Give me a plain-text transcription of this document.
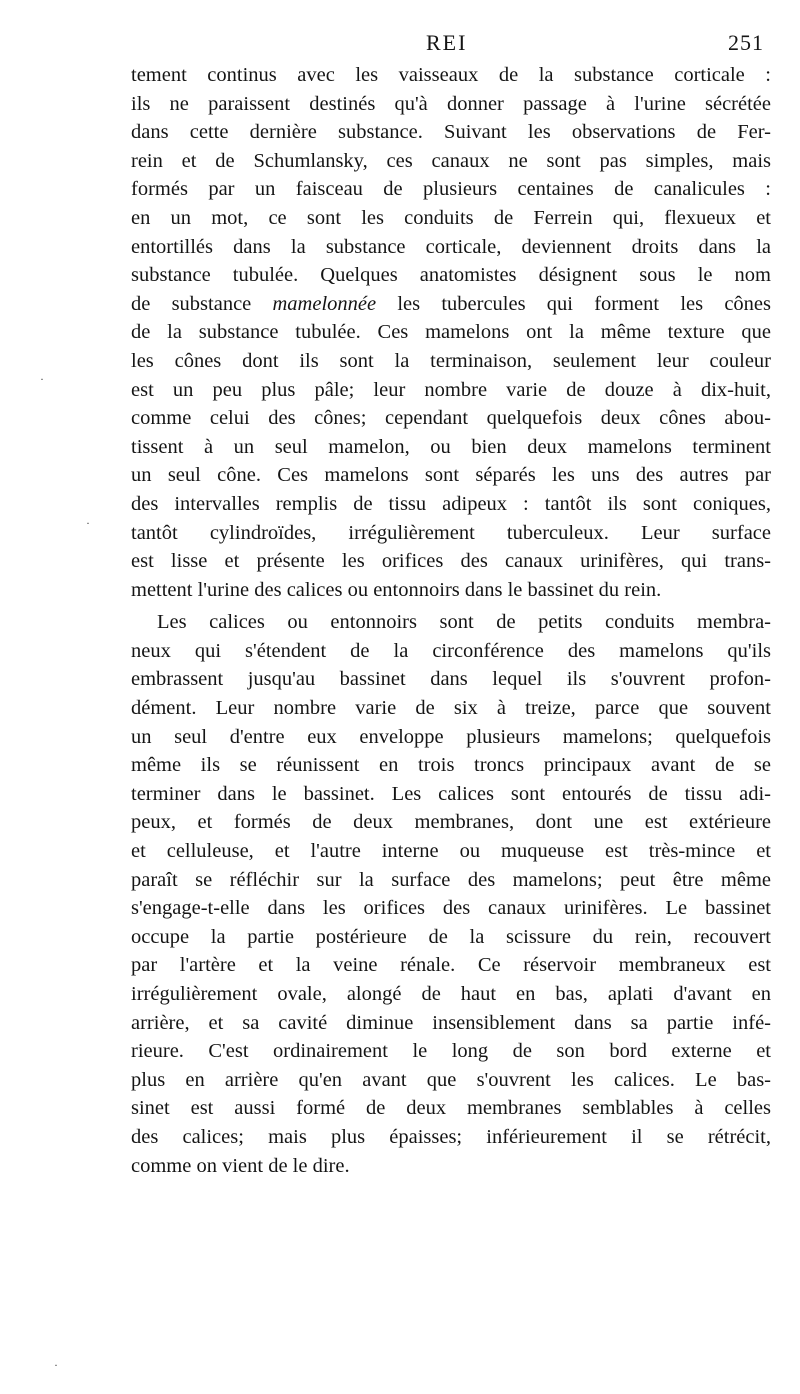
REI	251
tement continus avec les vaisseaux de la substance corticale :
ils ne paraissent destinés qu'à donner passage à l'urine sécrétée
dans cette dernière substance. Suivant les observations de Fer-
rein et de Schumlansky, ces canaux ne sont pas simples, mais
formés par un faisceau de plusieurs centaines de canalicules :
en un mot, ce sont les conduits de Ferrein qui, flexueux et
entortillés dans la substance corticale, deviennent droits dans la
substance tubulée. Quelques anatomistes désignent sous le nom
de substance mamelonnée les tubercules qui forment les cônes
de la substance tubulée. Ces mamelons ont la même texture que
les cônes dont ils sont la terminaison, seulement leur couleur
est un peu plus pâle; leur nombre varie de douze à dix-huit,
comme celui des cônes; cependant quelquefois deux cônes abou-
tissent à un seul mamelon, ou bien deux mamelons terminent
un seul cône. Ces mamelons sont séparés les uns des autres par
des intervalles remplis de tissu adipeux : tantôt ils sont coniques,
tantôt cylindroïdes, irrégulièrement tuberculeux. Leur surface
est lisse et présente les orifices des canaux urinifères, qui trans-
mettent l'urine des calices ou entonnoirs dans le bassinet du rein.
Les calices ou entonnoirs sont de petits conduits membra-
neux qui s'étendent de la circonférence des mamelons qu'ils
embrassent jusqu'au bassinet dans lequel ils s'ouvrent profon-
dément. Leur nombre varie de six à treize, parce que souvent
un seul d'entre eux enveloppe plusieurs mamelons; quelquefois
même ils se réunissent en trois troncs principaux avant de se
terminer dans le bassinet. Les calices sont entourés de tissu adi-
peux, et formés de deux membranes, dont une est extérieure
et celluleuse, et l'autre interne ou muqueuse est très-mince et
paraît se réfléchir sur la surface des mamelons; peut être même
s'engage-t-elle dans les orifices des canaux urinifères. Le bassinet
occupe la partie postérieure de la scissure du rein, recouvert
par l'artère et la veine rénale. Ce réservoir membraneux est
irrégulièrement ovale, alongé de haut en bas, aplati d'avant en
arrière, et sa cavité diminue insensiblement dans sa partie infé-
rieure. C'est ordinairement le long de son bord externe et
plus en arrière qu'en avant que s'ouvrent les calices. Le bas-
sinet est aussi formé de deux membranes semblables à celles
des calices; mais plus épaisses; inférieurement il se rétrécit,
comme on vient de le dire.
·
·
·
